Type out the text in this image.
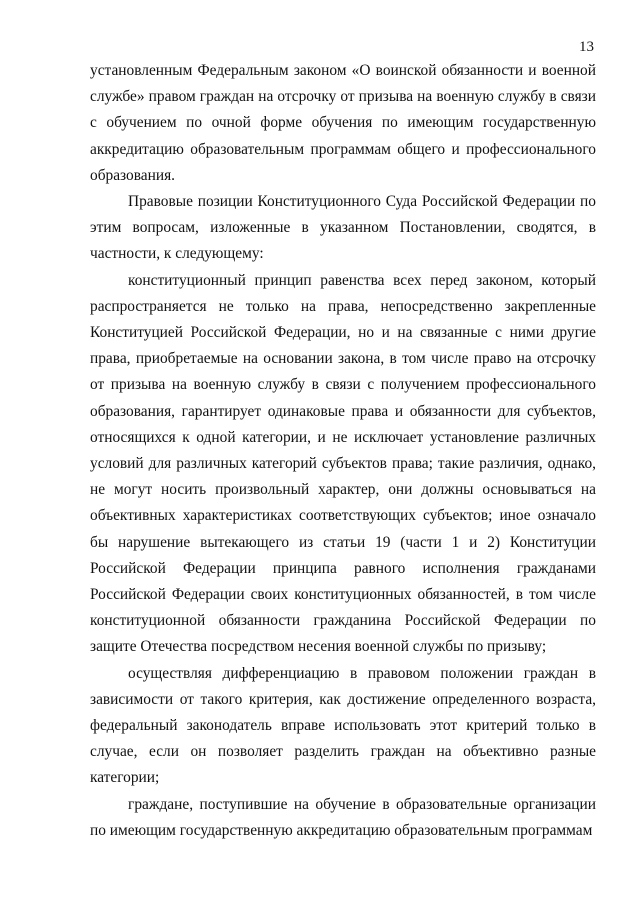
13

установленным Федеральным законом «О воинской обязанности и военной службе» правом граждан на отсрочку от призыва на военную службу в связи с обучением по очной форме обучения по имеющим государственную аккредитацию образовательным программам общего и профессионального образования.

Правовые позиции Конституционного Суда Российской Федерации по этим вопросам, изложенные в указанном Постановлении, сводятся, в частности, к следующему:

конституционный принцип равенства всех перед законом, который распространяется не только на права, непосредственно закрепленные Конституцией Российской Федерации, но и на связанные с ними другие права, приобретаемые на основании закона, в том числе право на отсрочку от призыва на военную службу в связи с получением профессионального образования, гарантирует одинаковые права и обязанности для субъектов, относящихся к одной категории, и не исключает установление различных условий для различных категорий субъектов права; такие различия, однако, не могут носить произвольный характер, они должны основываться на объективных характеристиках соответствующих субъектов; иное означало бы нарушение вытекающего из статьи 19 (части 1 и 2) Конституции Российской Федерации принципа равного исполнения гражданами Российской Федерации своих конституционных обязанностей, в том числе конституционной обязанности гражданина Российской Федерации по защите Отечества посредством несения военной службы по призыву;

осуществляя дифференциацию в правовом положении граждан в зависимости от такого критерия, как достижение определенного возраста, федеральный законодатель вправе использовать этот критерий только в случае, если он позволяет разделить граждан на объективно разные категории;

граждане, поступившие на обучение в образовательные организации по имеющим государственную аккредитацию образовательным программам
